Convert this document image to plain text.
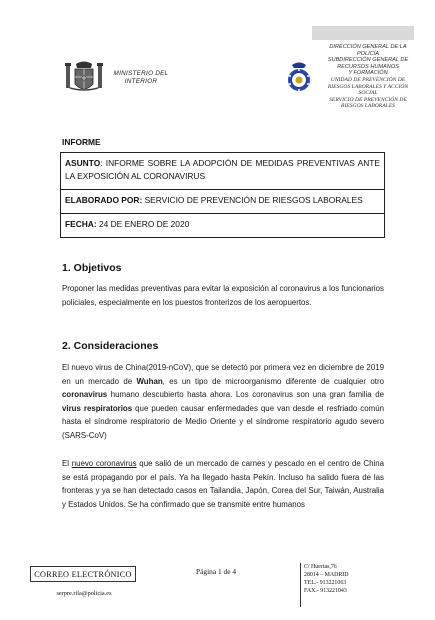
MINISTERIO DEL
INTERIOR
DIRECCIÓN GENERAL DE LA
POLICÍA
SUBDIRECCIÓN GENERAL DE
RECURSOS HUMANOS
Y FORMACIÓN
UNIDAD DE PREVENCIÓN DE
RIESGOS LABORALES Y ACCIÓN
SOCIAL
SERVICIO DE PREVENCIÓN DE
RIESGOS LABORALES
INFORME
ASUNTO: INFORME SOBRE LA ADOPCIÓN DE MEDIDAS PREVENTIVAS ANTE LA EXPOSICIÓN AL CORONAVIRUS
ELABORADO POR: SERVICIO DE PREVENCIÓN DE RIESGOS LABORALES
FECHA: 24 DE ENERO DE 2020
1. Objetivos
Proponer las medidas preventivas para evitar la exposición al coronavirus a los funcionarios policiales, especialmente en los puestos fronterizos de los aeropuertos.
2. Consideraciones
El nuevo virus de China(2019-nCoV), que se detectó por primera vez en diciembre de 2019 en un mercado de Wuhan, es un tipo de microorganismo diferente de cualquier otro coronavirus humano descubierto hasta ahora. Los coronavirus son una gran familia de virus respiratorios que pueden causar enfermedades que van desde el resfriado común hasta el síndrome respiratorio de Medio Oriente y el síndrome respiratorio agudo severo (SARS-CoV)
El nuevo coronavirus que salió de un mercado de carnes y pescado en el centro de China se está propagando por el país. Ya ha llegado hasta Pekín. Incluso ha salido fuera de las fronteras y ya se han detectado casos en Tailandia, Japón, Corea del Sur, Taiwán, Australia y Estados Unidos. Se ha confirmado que se transmite entre humanos
CORREO ELECTRÓNICO
serpre.rila@policia.es
Página 1 de 4	C/ Huertas,76
28014 – MADRID
TEL.- 913221063
FAX.- 913221043
